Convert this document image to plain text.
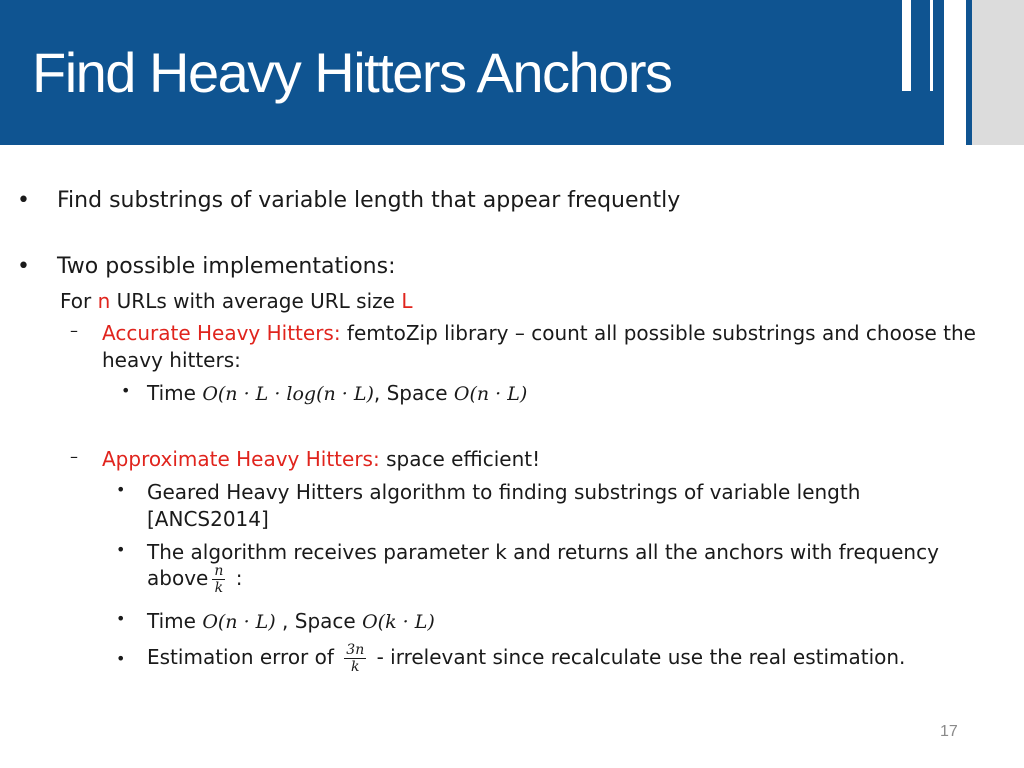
Find Heavy Hitters Anchors
• Find substrings of variable length that appear frequently
• Two possible implementations:
For n URLs with average URL size L
– Accurate Heavy Hitters: femtoZip library – count all possible substrings and choose the
heavy hitters:
• Time O(n · L · log(n · L), Space O(n · L)
– Approximate Heavy Hitters: space efficient!
• Geared Heavy Hitters algorithm to finding substrings of variable length
[ANCS2014]
• The algorithm receives parameter k and returns all the anchors with frequency
above $\frac{n}{k}$ :
• Time O(n · L) , Space O(k · L)
• Estimation error of $\frac{3n}{k}$ - irrelevant since recalculate use the real estimation.
17
